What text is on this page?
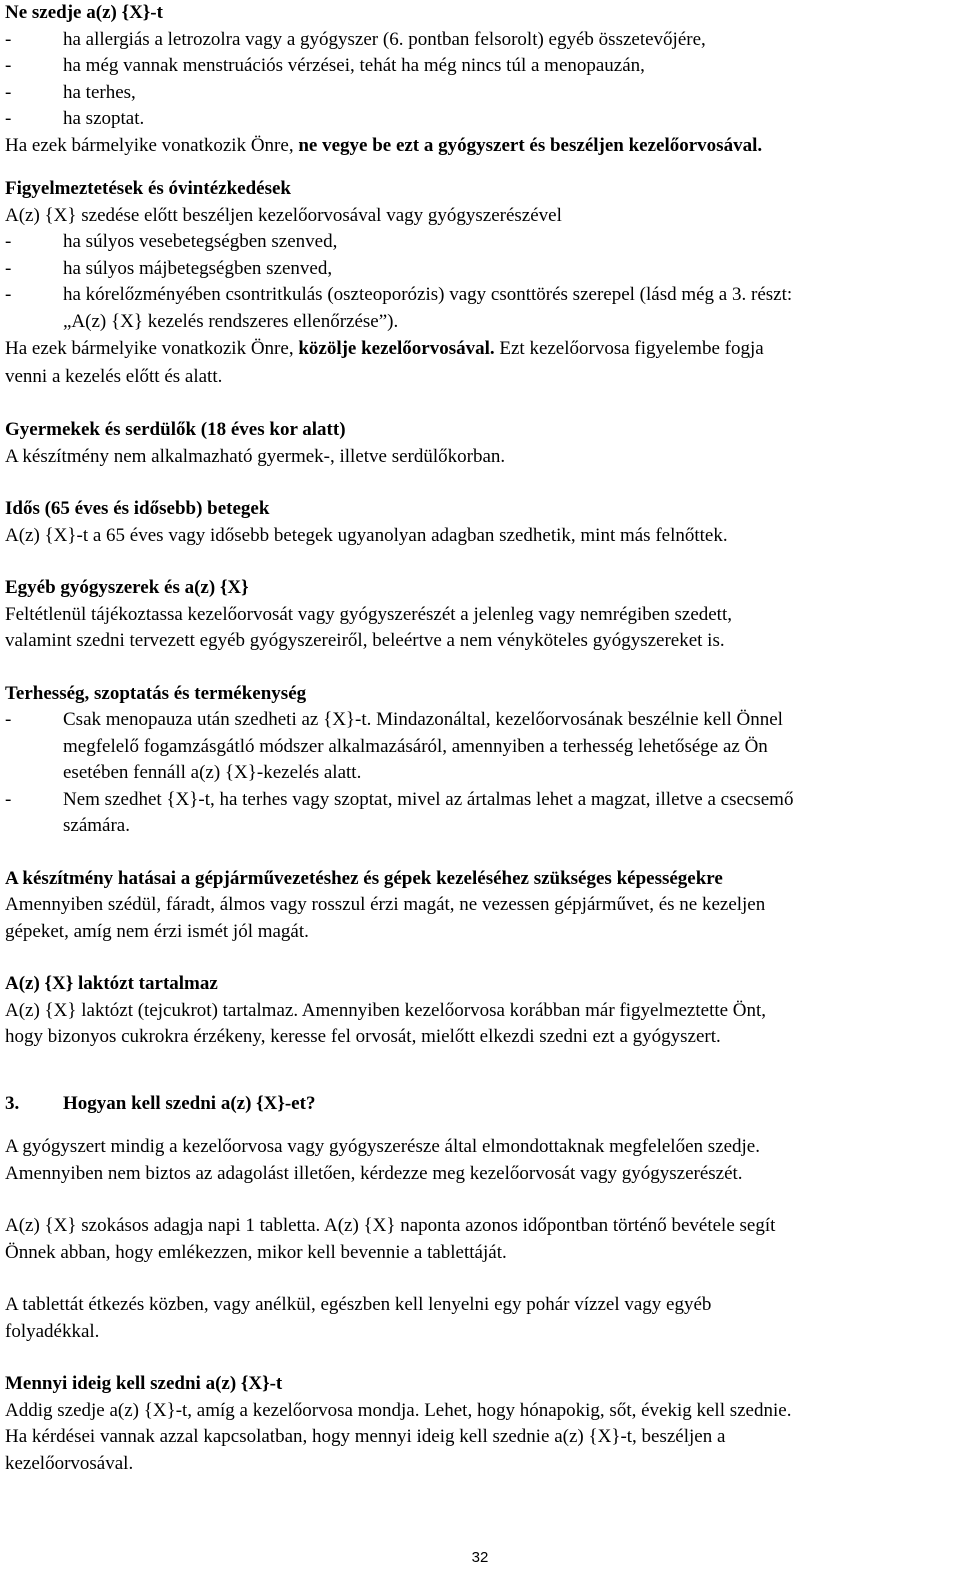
Ne szedje a(z) {X}-t
-	ha allergiás a letrozolra vagy a gyógyszer (6. pontban felsorolt) egyéb összetevőjére,
-	ha még vannak menstruációs vérzései, tehát ha még nincs túl a menopauzán,
-	ha terhes,
-	ha szoptat.
Ha ezek bármelyike vonatkozik Önre, ne vegye be ezt a gyógyszert és beszéljen kezelőorvosával.
Figyelmeztetések és óvintézkedések
A(z) {X} szedése előtt beszéljen kezelőorvosával vagy gyógyszerészével
-	ha súlyos vesebetegségben szenved,
-	ha súlyos májbetegségben szenved,
-	ha kórelőzményében csontritkulás (oszteoporózis) vagy csonttörés szerepel (lásd még a 3. részt:
„A(z) {X} kezelés rendszeres ellenőrzése”).
Ha ezek bármelyike vonatkozik Önre, közölje kezelőorvosával. Ezt kezelőorvosa figyelembe fogja
venni a kezelés előtt és alatt.
Gyermekek és serdülők (18 éves kor alatt)
A készítmény nem alkalmazható gyermek-, illetve serdülőkorban.
Idős (65 éves és idősebb) betegek
A(z) {X}-t a 65 éves vagy idősebb betegek ugyanolyan adagban szedhetik, mint más felnőttek.
Egyéb gyógyszerek és a(z) {X}
Feltétlenül tájékoztassa kezelőorvosát vagy gyógyszerészét a jelenleg vagy nemrégiben szedett,
valamint szedni tervezett egyéb gyógyszereiről, beleértve a nem vényköteles gyógyszereket is.
Terhesség, szoptatás és termékenység
-	Csak menopauza után szedheti az {X}-t. Mindazonáltal, kezelőorvosának beszélnie kell Önnel
megfelelő fogamzásgátló módszer alkalmazásáról, amennyiben a terhesség lehetősége az Ön
esetében fennáll a(z) {X}-kezelés alatt.
-	Nem szedhet {X}-t, ha terhes vagy szoptat, mivel az ártalmas lehet a magzat, illetve a csecsemő
számára.
A készítmény hatásai a gépjárművezetéshez és gépek kezeléséhez szükséges képességekre
Amennyiben szédül, fáradt, álmos vagy rosszul érzi magát, ne vezessen gépjárművet, és ne kezeljen
gépeket, amíg nem érzi ismét jól magát.
A(z) {X} laktózt tartalmaz
A(z) {X} laktózt (tejcukrot) tartalmaz. Amennyiben kezelőorvosa korábban már figyelmeztette Önt,
hogy bizonyos cukrokra érzékeny, keresse fel orvosát, mielőtt elkezdi szedni ezt a gyógyszert.
3. Hogyan kell szedni a(z) {X}-et?
A gyógyszert mindig a kezelőorvosa vagy gyógyszerésze által elmondottaknak megfelelően szedje.
Amennyiben nem biztos az adagolást illetően, kérdezze meg kezelőorvosát vagy gyógyszerészét.
A(z) {X} szokásos adagja napi 1 tabletta. A(z) {X} naponta azonos időpontban történő bevétele segít
Önnek abban, hogy emlékezzen, mikor kell bevennie a tablettáját.
A tablettát étkezés közben, vagy anélkül, egészben kell lenyelni egy pohár vízzel vagy egyéb
folyadékkal.
Mennyi ideig kell szedni a(z) {X}-t
Addig szedje a(z) {X}-t, amíg a kezelőorvosa mondja. Lehet, hogy hónapokig, sőt, évekig kell szednie.
Ha kérdései vannak azzal kapcsolatban, hogy mennyi ideig kell szednie a(z) {X}-t, beszéljen a
kezelőorvosával.
32
